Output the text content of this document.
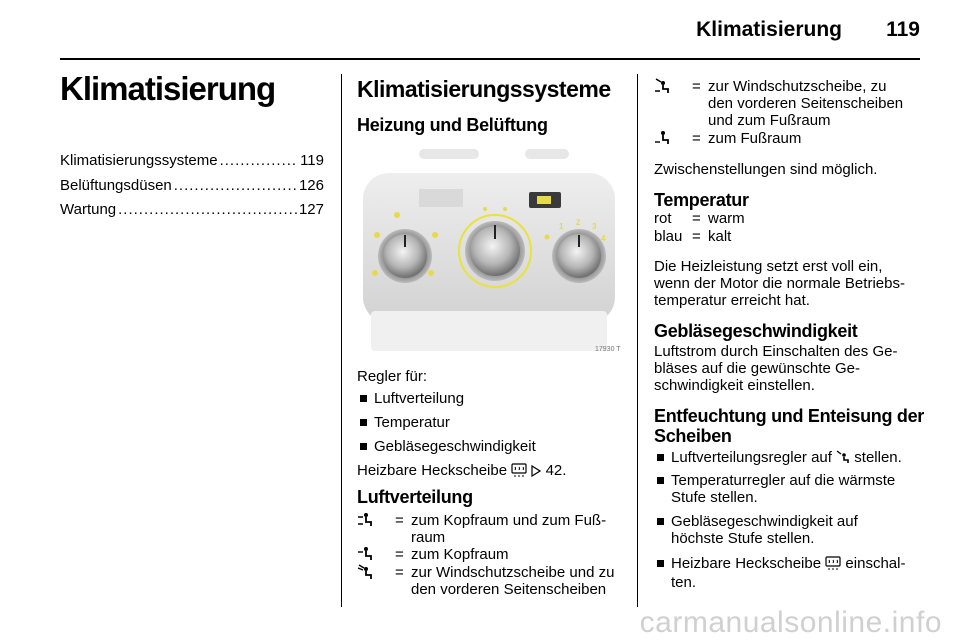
Klimatisierung 119
Klimatisierung
Klimatisierungssysteme .....	119
Belüftungsdüsen .....	126
Wartung .....	127
Klimatisierungssysteme
Heizung und Belüftung
1 2 3
4
17930 T
Regler für:
Luftverteilung
Temperatur
Gebläsegeschwindigkeit
Heizbare Heckscheibe	42.
Luftverteilung
= zum Kopfraum und zum Fuß-
raum
= zum Kopfraum
= zur Windschutzscheibe und zu
den vorderen Seitenscheiben
= zur Windschutzscheibe, zu
den vorderen Seitenscheiben
und zum Fußraum
= zum Fußraum
Zwischenstellungen sind möglich.
Temperatur
rot = warm
blau = kalt
Die Heizleistung setzt erst voll ein,
wenn der Motor die normale Betriebs-
temperatur erreicht hat.
Gebläsegeschwindigkeit
Luftstrom durch Einschalten des Ge-
bläses auf die gewünschte Ge-
schwindigkeit einstellen.
Entfeuchtung und Enteisung der
Scheiben
Luftverteilungsregler auf stellen.
Temperaturregler auf die wärmste
Stufe stellen.
Gebläsegeschwindigkeit auf
höchste Stufe stellen.
Heizbare Heckscheibe einschal-
ten.
carmanualsonline.info
